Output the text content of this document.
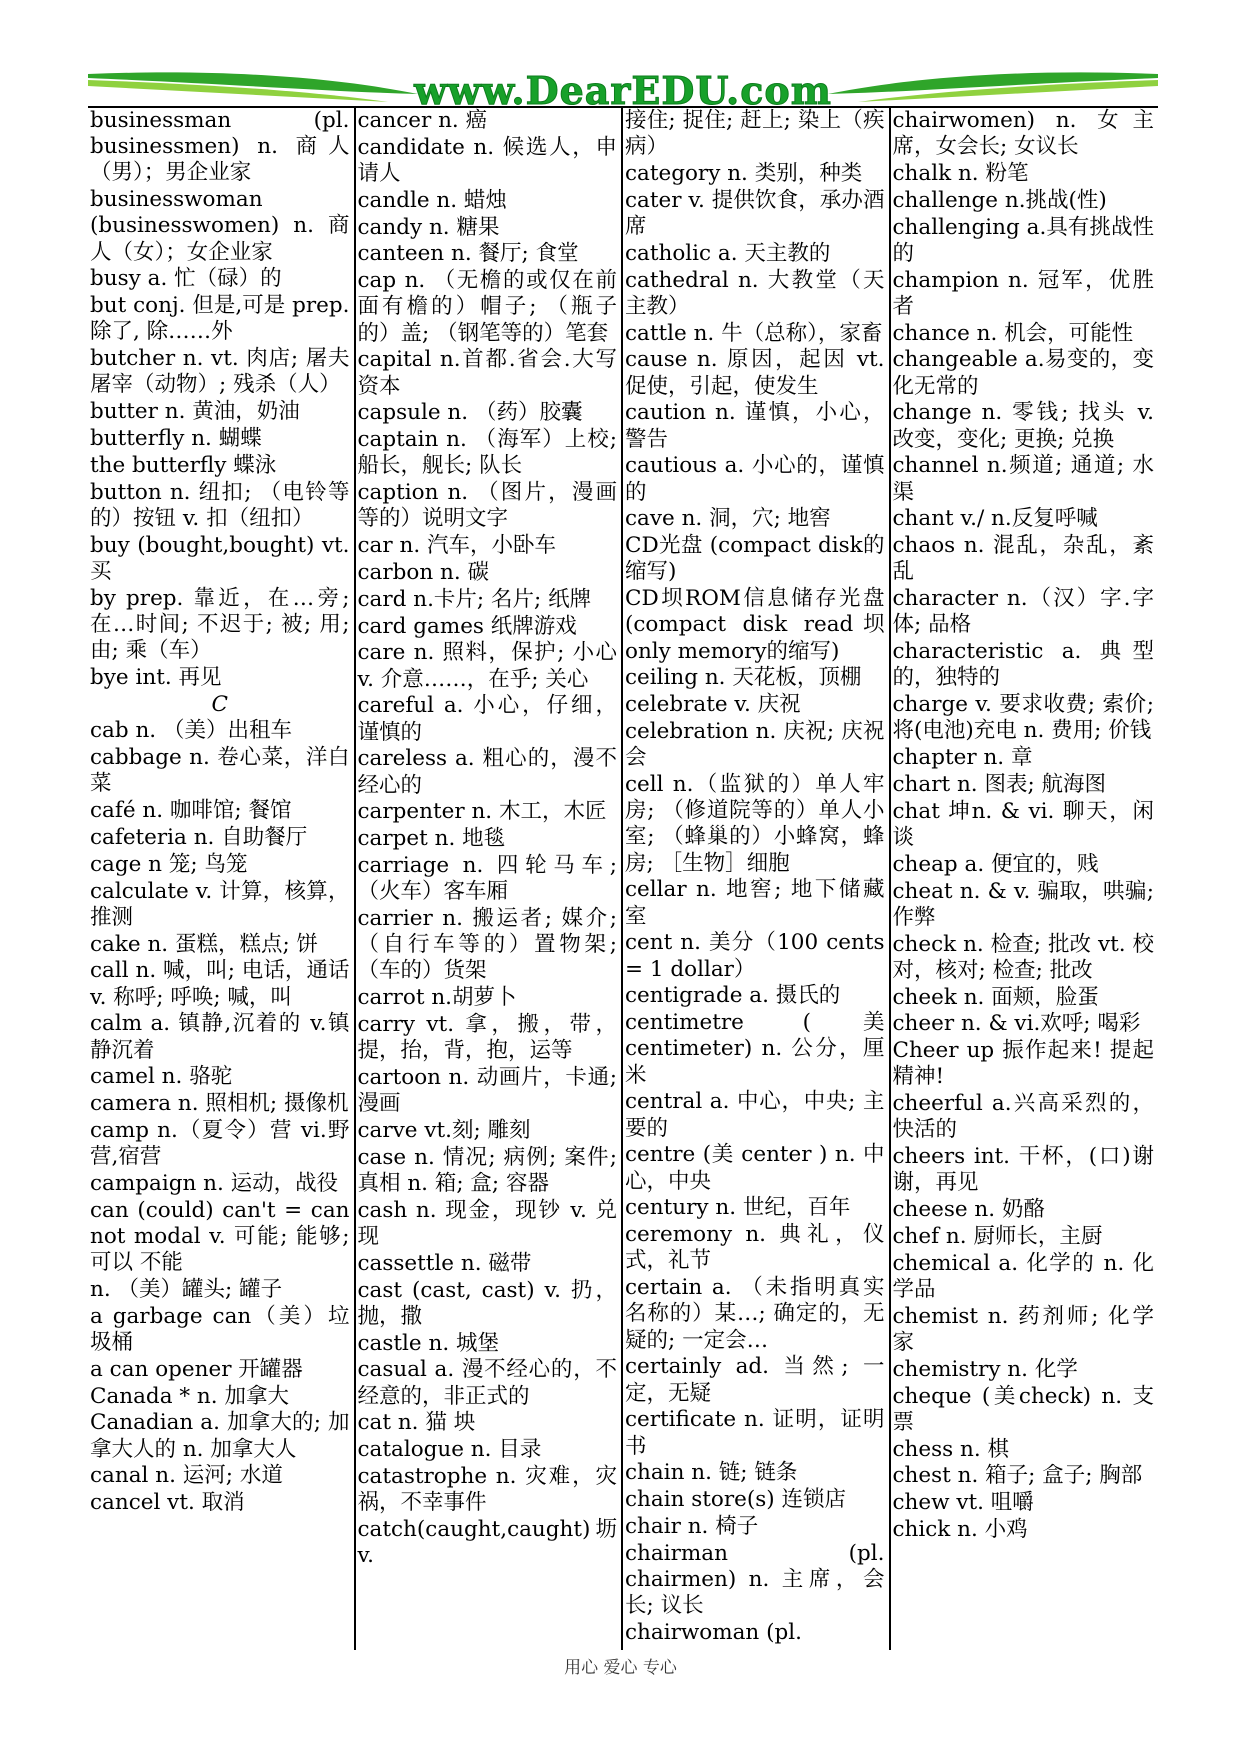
www.DearEDU.com
businessman (pl. businessmen) n. 商人（男）；男企业家
businesswoman (businesswomen) n. 商人（女）；女企业家
busy a. 忙（碌）的
but conj. 但是,可是 prep. 除了, 除……外
butcher n. vt. 肉店; 屠夫 屠宰（动物）; 残杀（人）
butter n. 黄油，奶油
butterfly n. 蝴蝶
the butterfly 蝶泳
button n. 纽扣; （电铃等的）按钮 v. 扣（纽扣）
buy (bought,bought) vt. 买
by prep. 靠近，在…旁; 在…时间; 不迟于; 被; 用; 由; 乘（车）
bye int. 再见
C
cab n. （美）出租车
cabbage n. 卷心菜，洋白菜
café n. 咖啡馆; 餐馆
cafeteria n. 自助餐厅
cage n 笼; 鸟笼
calculate v. 计算，核算，推测
cake n. 蛋糕，糕点; 饼
call n. 喊，叫; 电话，通话 v. 称呼; 呼唤; 喊，叫
calm a. 镇静,沉着的 v.镇静沉着
camel n. 骆驼
camera n. 照相机; 摄像机
camp n.（夏令）营 vi.野营,宿营
campaign n. 运动，战役
can (could) can't = can not modal v. 可能; 能够; 可以 不能
n. （美）罐头; 罐子
a garbage can（美）垃圾桶
a can opener 开罐器
Canada * n. 加拿大
Canadian a. 加拿大的; 加拿大人的 n. 加拿大人
canal n. 运河; 水道
cancel vt. 取消
cancer n. 癌
candidate n. 候选人，申请人
candle n. 蜡烛
candy n. 糖果
canteen n. 餐厅; 食堂
cap n. （无檐的或仅在前面有檐的）帽子; （瓶子的）盖; （钢笔等的）笔套
capital n.首都.省会.大写资本
capsule n. （药）胶囊
captain n. （海军）上校; 船长，舰长; 队长
caption n. （图片，漫画等的）说明文字
car n. 汽车，小卧车
carbon n. 碳
card n.卡片; 名片; 纸牌
card games 纸牌游戏
care n. 照料，保护; 小心v. 介意……，在乎; 关心
careful a. 小心，仔细，谨慎的
careless a. 粗心的，漫不经心的
carpenter n. 木工，木匠
carpet n. 地毯
carriage n. 四轮马车; （火车）客车厢
carrier n. 搬运者; 媒介; （自行车等的）置物架; （车的）货架
carrot n.胡萝卜
carry vt. 拿，搬，带，提，抬，背，抱，运等
cartoon n. 动画片，卡通; 漫画
carve vt.刻; 雕刻
case n. 情况; 病例; 案件; 真相 n. 箱; 盒; 容器
cash n. 现金，现钞 v. 兑现
cassettle n. 磁带
cast (cast, cast) v. 扔，抛，撒
castle n. 城堡
casual a. 漫不经心的，不经意的，非正式的
cat n. 猫 坱
catalogue n. 目录
catastrophe n. 灾难，灾祸，不幸事件
catch(caught,caught)坜v.
接住; 捉住; 赶上; 染上（疾病）
category n. 类别，种类
cater v. 提供饮食，承办酒席
catholic a. 天主教的
cathedral n. 大教堂（天主教）
cattle n. 牛（总称），家畜
cause n. 原因，起因 vt. 促使，引起，使发生
caution n. 谨慎，小心，警告
cautious a. 小心的，谨慎的
cave n. 洞，穴; 地窖
CD光盘 (compact disk的缩写)
CD坝ROM信息储存光盘(compact disk read坝only memory的缩写)
ceiling n. 天花板，顶棚
celebrate v. 庆祝
celebration n. 庆祝; 庆祝会
cell n.（监狱的）单人牢房; （修道院等的）单人小室; （蜂巢的）小蜂窝，蜂房; ［生物］细胞
cellar n. 地窖; 地下储藏室
cent n. 美分（100 cents = 1 dollar）
centigrade a. 摄氏的
centimetre (美 centimeter) n. 公分，厘米
central a. 中心，中央; 主要的
centre (美 center ) n. 中心，中央
century n. 世纪，百年
ceremony n. 典礼，仪式，礼节
certain a. （未指明真实名称的）某…; 确定的，无疑的; 一定会…
certainly ad. 当然; 一定，无疑
certificate n. 证明，证明书
chain n. 链; 链条
chain store(s) 连锁店
chair n. 椅子
chairman (pl. chairmen) n. 主席，会长; 议长
chairwoman (pl.
chairwomen) n. 女主席，女会长; 女议长
chalk n. 粉笔
challenge n.挑战(性)
challenging a.具有挑战性的
champion n. 冠军，优胜者
chance n. 机会，可能性
changeable a.易变的，变化无常的
change n. 零钱; 找头 v. 改变，变化; 更换; 兑换
channel n.频道; 通道; 水渠
chant v./ n.反复呼喊
chaos n. 混乱，杂乱，紊乱
character n.（汉）字.字体; 品格
characteristic a. 典型的，独特的
charge v. 要求收费; 索价; 将(电池)充电 n. 费用; 价钱
chapter n. 章
chart n. 图表; 航海图
chat 坤n. & vi. 聊天，闲谈
cheap a. 便宜的，贱
cheat n. & v. 骗取，哄骗; 作弊
check n. 检查; 批改 vt. 校对，核对; 检查; 批改
cheek n. 面颊，脸蛋
cheer n. & vi.欢呼; 喝彩
Cheer up 振作起来! 提起精神!
cheerful a.兴高采烈的，快活的
cheers int. 干杯，(口)谢谢，再见
cheese n. 奶酪
chef n. 厨师长，主厨
chemical a. 化学的 n. 化学品
chemist n. 药剂师; 化学家
chemistry n. 化学
cheque (美check) n. 支票
chess n. 棋
chest n. 箱子; 盒子; 胸部
chew vt. 咀嚼
chick n. 小鸡
用心 爱心 专心
